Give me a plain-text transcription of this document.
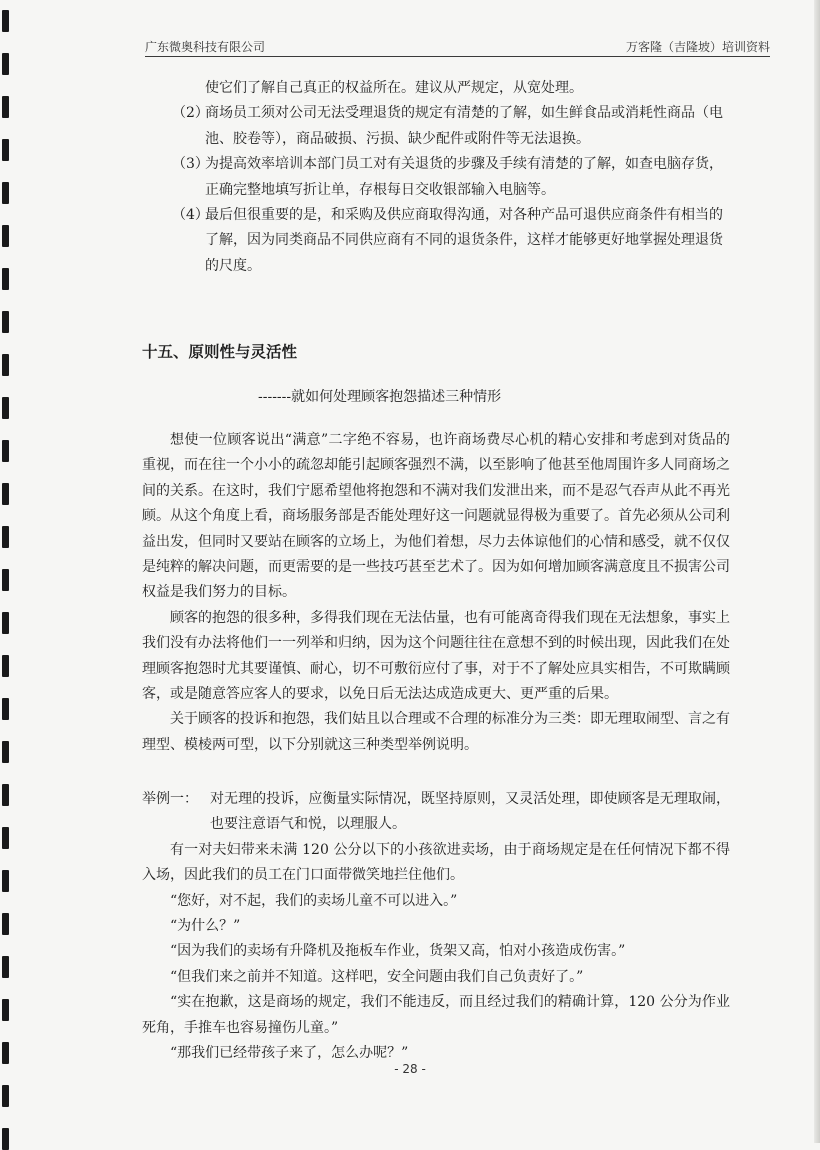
广东微奥科技有限公司	万客隆（吉隆坡）培训资料
使它们了解自己真正的权益所在。建议从严规定，从宽处理。
（2）
商场员工须对公司无法受理退货的规定有清楚的了解，如生鲜食品或消耗性商品（电池、胶卷等），商品破损、污损、缺少配件或附件等无法退换。
（3）
为提高效率培训本部门员工对有关退货的步骤及手续有清楚的了解，如查电脑存货，正确完整地填写折让单，存根每日交收银部输入电脑等。
（4）
最后但很重要的是，和采购及供应商取得沟通，对各种产品可退供应商条件有相当的了解，因为同类商品不同供应商有不同的退货条件，这样才能够更好地掌握处理退货的尺度。
十五、原则性与灵活性
-------就如何处理顾客抱怨描述三种情形

想使一位顾客说出“满意”二字绝不容易，也许商场费尽心机的精心安排和考虑到对货品的重视，而在往一个小小的疏忽却能引起顾客强烈不满，以至影响了他甚至他周围许多人同商场之间的关系。在这时，我们宁愿希望他将抱怨和不满对我们发泄出来，而不是忍气吞声从此不再光顾。从这个角度上看，商场服务部是否能处理好这一问题就显得极为重要了。首先必须从公司利益出发，但同时又要站在顾客的立场上，为他们着想，尽力去体谅他们的心情和感受，就不仅仅是纯粹的解决问题，而更需要的是一些技巧甚至艺术了。因为如何增加顾客满意度且不损害公司权益是我们努力的目标。

顾客的抱怨的很多种，多得我们现在无法估量，也有可能离奇得我们现在无法想象，事实上我们没有办法将他们一一列举和归纳，因为这个问题往往在意想不到的时候出现，因此我们在处理顾客抱怨时尤其要谨慎、耐心，切不可敷衍应付了事，对于不了解处应具实相告，不可欺瞒顾客，或是随意答应客人的要求，以免日后无法达成造成更大、更严重的后果。

关于顾客的投诉和抱怨，我们姑且以合理或不合理的标准分为三类：即无理取闹型、言之有理型、模棱两可型，以下分别就这三种类型举例说明。

举例一： 对无理的投诉，应衡量实际情况，既坚持原则，又灵活处理，即使顾客是无理取闹，也要注意语气和悦，以理服人。

有一对夫妇带来未满 120 公分以下的小孩欲进卖场，由于商场规定是在任何情况下都不得入场，因此我们的员工在门口面带微笑地拦住他们。

“您好，对不起，我们的卖场儿童不可以进入。”

“为什么？”

“因为我们的卖场有升降机及拖板车作业，货架又高，怕对小孩造成伤害。”

“但我们来之前并不知道。这样吧，安全问题由我们自己负责好了。”

“实在抱歉，这是商场的规定，我们不能违反，而且经过我们的精确计算，120 公分为作业死角，手推车也容易撞伤儿童。”

“那我们已经带孩子来了，怎么办呢？”

- 28 -
